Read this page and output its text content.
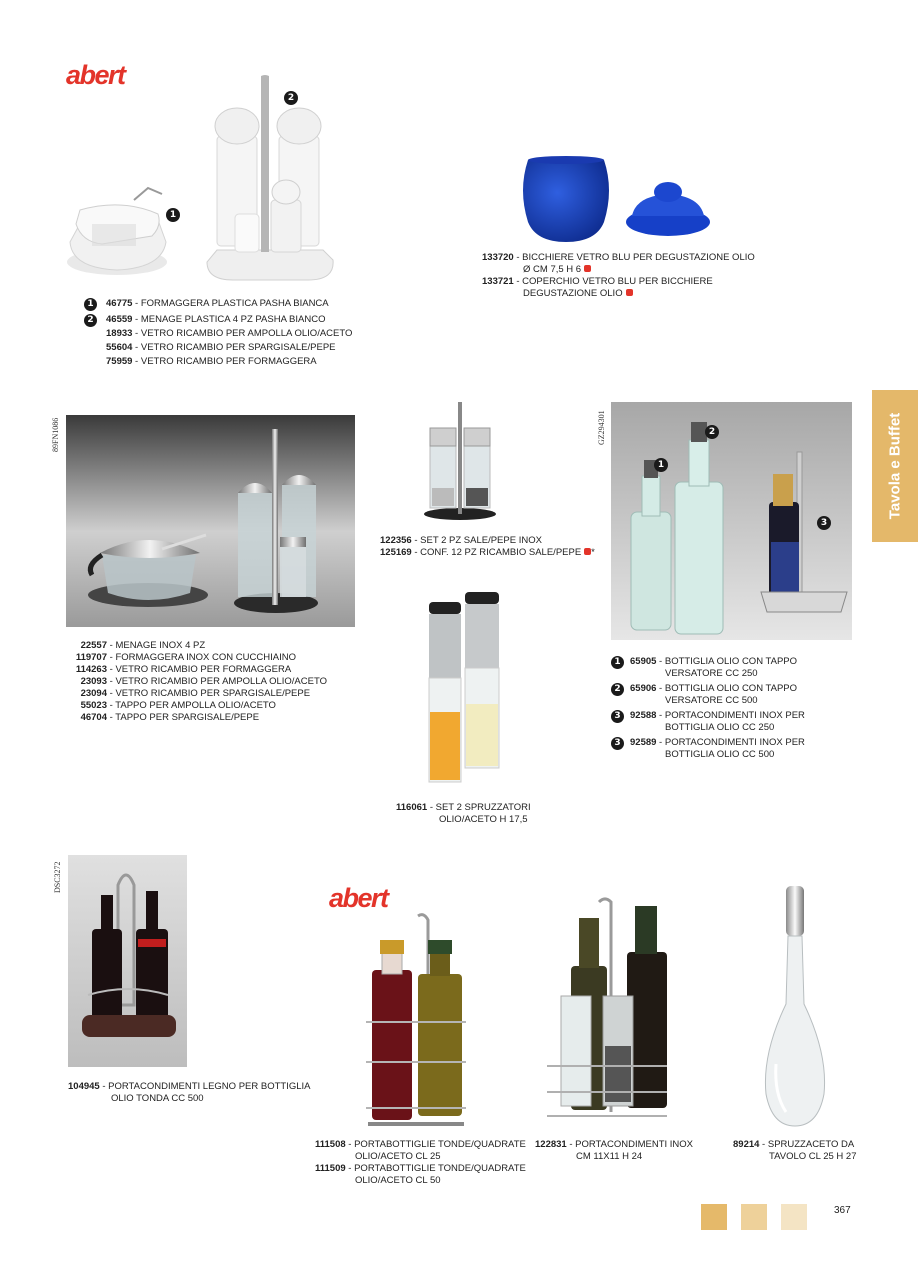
abert
1
2
1	46775 - FORMAGGERA PLASTICA PASHA BIANCA
2	46559 - MENAGE PLASTICA 4 PZ PASHA BIANCO
18933 - VETRO RICAMBIO PER AMPOLLA OLIO/ACETO
55604 - VETRO RICAMBIO PER SPARGISALE/PEPE
75959 - VETRO RICAMBIO PER FORMAGGERA
133720 - BICCHIERE VETRO BLU PER DEGUSTAZIONE OLIO
Ø CM 7,5 H 6
133721 - COPERCHIO VETRO BLU PER BICCHIERE
DEGUSTAZIONE OLIO
Tavola e Buffet
89FN1086
22557 - MENAGE INOX 4 PZ
119707 - FORMAGGERA INOX CON CUCCHIAINO
114263 - VETRO RICAMBIO PER FORMAGGERA
23093 - VETRO RICAMBIO PER AMPOLLA OLIO/ACETO
23094 - VETRO RICAMBIO PER SPARGISALE/PEPE
55023 - TAPPO PER AMPOLLA OLIO/ACETO
46704 - TAPPO PER SPARGISALE/PEPE
122356 - SET 2 PZ SALE/PEPE INOX
125169 - CONF. 12 PZ RICAMBIO SALE/PEPE *
116061 - SET 2 SPRUZZATORI
OLIO/ACETO H 17,5
GZ294301
1
2
3
1 65905 - BOTTIGLIA OLIO CON TAPPO
VERSATORE CC 250
2 65906 - BOTTIGLIA OLIO CON TAPPO
VERSATORE CC 500
3 92588 - PORTACONDIMENTI INOX PER
BOTTIGLIA OLIO CC 250
3 92589 - PORTACONDIMENTI INOX PER
BOTTIGLIA OLIO CC 500
DSC3272
104945 - PORTACONDIMENTI LEGNO PER BOTTIGLIA
OLIO TONDA CC 500
abert
111508 - PORTABOTTIGLIE TONDE/QUADRATE
OLIO/ACETO CL 25
111509 - PORTABOTTIGLIE TONDE/QUADRATE
OLIO/ACETO CL 50
122831 - PORTACONDIMENTI INOX
CM 11X11 H 24
89214 - SPRUZZACETO DA
TAVOLO CL 25 H 27
367
